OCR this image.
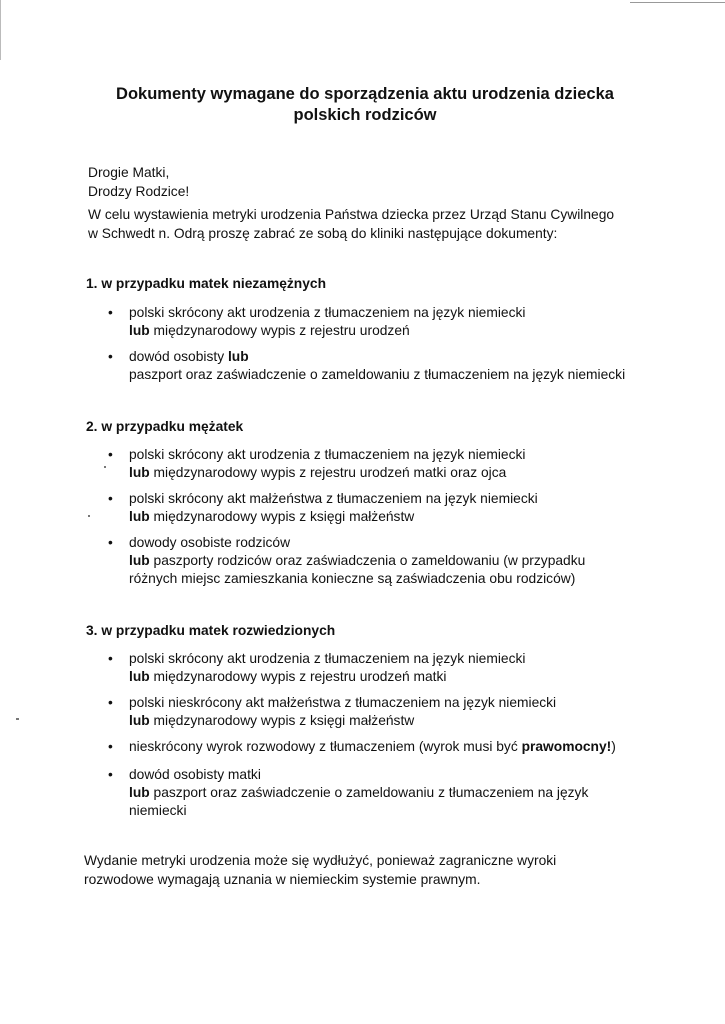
Dokumenty wymagane do sporządzenia aktu urodzenia dziecka
polskich rodziców
Drogie Matki,
Drodzy Rodzice!
W celu wystawienia metryki urodzenia Państwa dziecka przez Urząd Stanu Cywilnego
w Schwedt n. Odrą proszę zabrać ze sobą do kliniki następujące dokumenty:
1. w przypadku matek niezamężnych
•	polski skrócony akt urodzenia z tłumaczeniem na język niemiecki
lub międzynarodowy wypis z rejestru urodzeń
•	dowód osobisty lub
paszport oraz zaświadczenie o zameldowaniu z tłumaczeniem na język niemiecki
2. w przypadku mężatek
•	polski skrócony akt urodzenia z tłumaczeniem na język niemiecki
lub międzynarodowy wypis z rejestru urodzeń matki oraz ojca
•	polski skrócony akt małżeństwa z tłumaczeniem na język niemiecki
lub międzynarodowy wypis z księgi małżeństw
•	dowody osobiste rodziców
lub paszporty rodziców oraz zaświadczenia o zameldowaniu (w przypadku
różnych miejsc zamieszkania konieczne są zaświadczenia obu rodziców)
3. w przypadku matek rozwiedzionych
•	polski skrócony akt urodzenia z tłumaczeniem na język niemiecki
lub międzynarodowy wypis z rejestru urodzeń matki
•	polski nieskrócony akt małżeństwa z tłumaczeniem na język niemiecki
lub międzynarodowy wypis z księgi małżeństw
•	nieskrócony wyrok rozwodowy z tłumaczeniem (wyrok musi być prawomocny!)
•	dowód osobisty matki
lub paszport oraz zaświadczenie o zameldowaniu z tłumaczeniem na język
niemiecki
Wydanie metryki urodzenia może się wydłużyć, ponieważ zagraniczne wyroki
rozwodowe wymagają uznania w niemieckim systemie prawnym.
